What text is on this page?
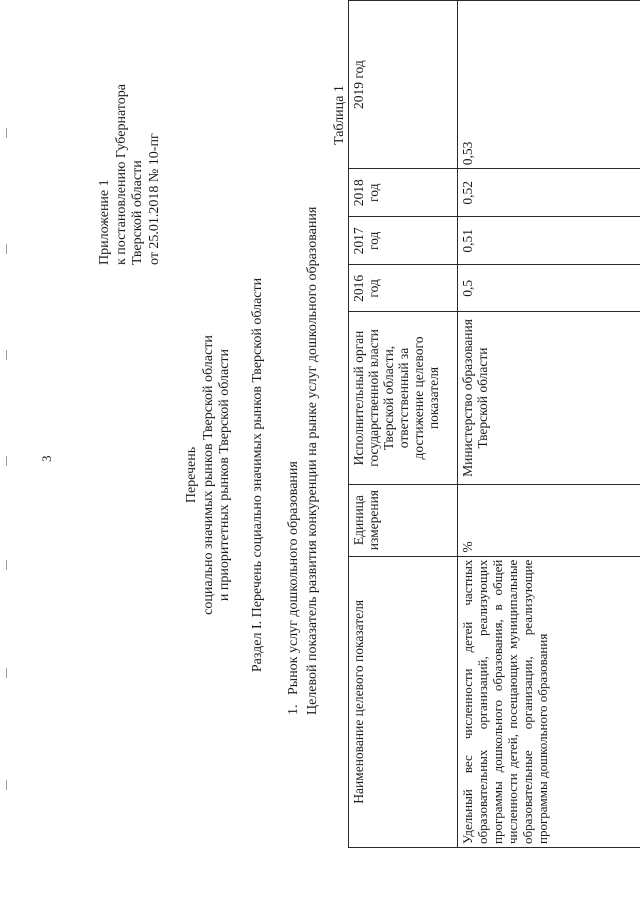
3
Приложение 1 к постановлению Губернатора Тверской области от 25.01.2018 № 10-пг
Перечень социально значимых рынков Тверской области и приоритетных рынков Тверской области Раздел I. Перечень социально значимых рынков Тверской области
1.Рынок услуг дошкольного образования Целевой показатель развития конкуренции на рынке услуг дошкольного образования
Таблица 1
Наименование целевого показателя	Единица измерения	Исполнительный орган государственной власти Тверской области, ответственный за достижение целевого показателя	2016 год	2017 год	2018 год	2019 год
Удельный вес численности детей частных образовательных организаций, реализующих программы дошкольного образования, в общей численности детей, посещающих муниципальные образовательные организации, реализующие программы дошкольного образования	%	Министерство образования Тверской области	0,5	0,51	0,52	0,53
